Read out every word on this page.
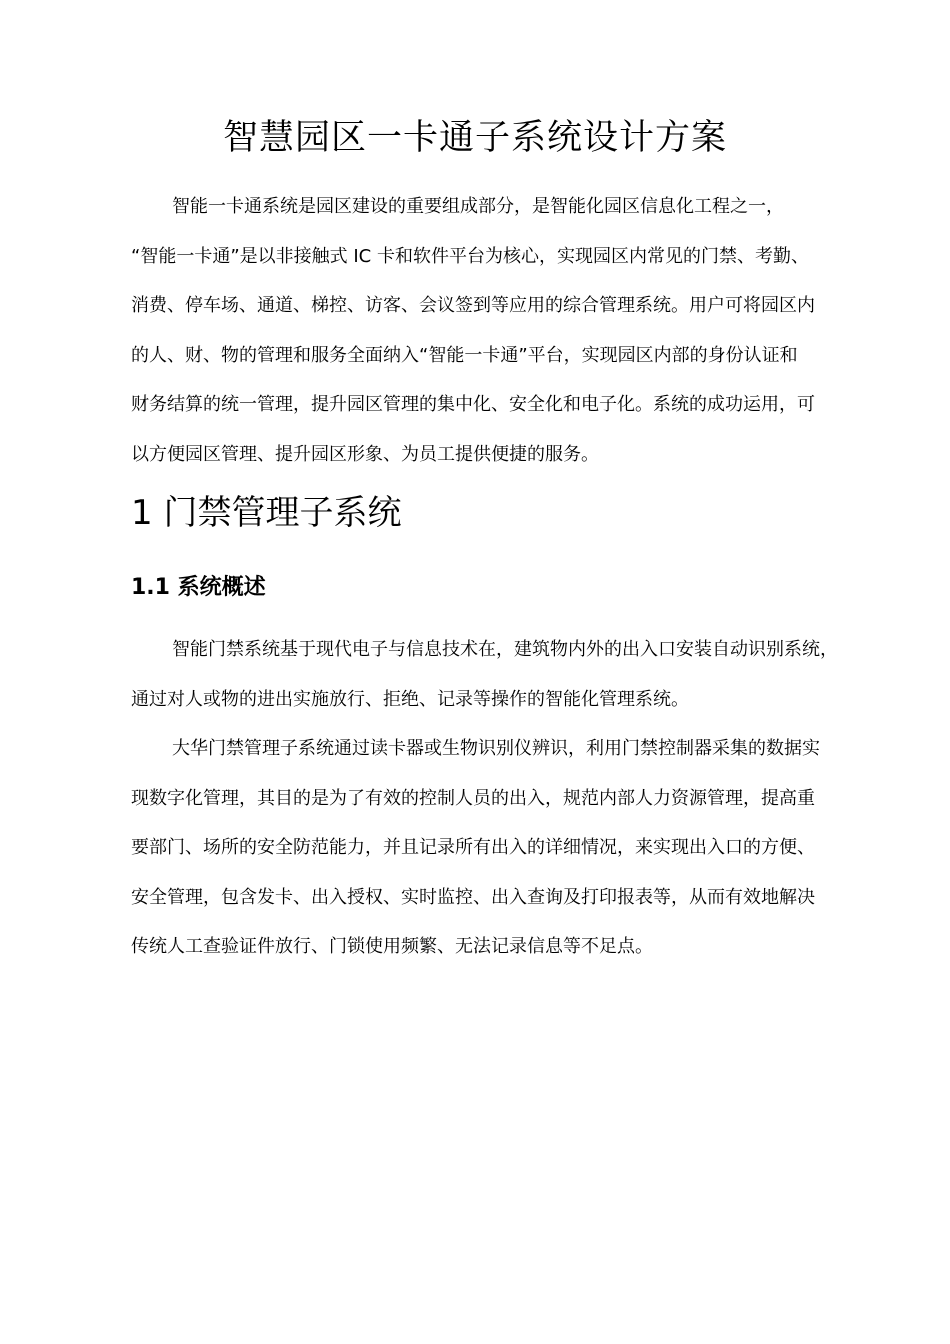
智慧园区一卡通子系统设计方案
智能一卡通系统是园区建设的重要组成部分，是智能化园区信息化工程之一，
“智能一卡通”是以非接触式 IC 卡和软件平台为核心，实现园区内常见的门禁、考勤、
消费、停车场、通道、梯控、访客、会议签到等应用的综合管理系统。用户可将园区内
的人、财、物的管理和服务全面纳入“智能一卡通”平台，实现园区内部的身份认证和
财务结算的统一管理，提升园区管理的集中化、安全化和电子化。系统的成功运用，可
以方便园区管理、提升园区形象、为员工提供便捷的服务。
1 门禁管理子系统
1.1 系统概述
智能门禁系统基于现代电子与信息技术在，建筑物内外的出入口安装自动识别系统，
通过对人或物的进出实施放行、拒绝、记录等操作的智能化管理系统。
大华门禁管理子系统通过读卡器或生物识别仪辨识，利用门禁控制器采集的数据实
现数字化管理，其目的是为了有效的控制人员的出入，规范内部人力资源管理，提高重
要部门、场所的安全防范能力，并且记录所有出入的详细情况，来实现出入口的方便、
安全管理，包含发卡、出入授权、实时监控、出入查询及打印报表等，从而有效地解决
传统人工查验证件放行、门锁使用频繁、无法记录信息等不足点。
